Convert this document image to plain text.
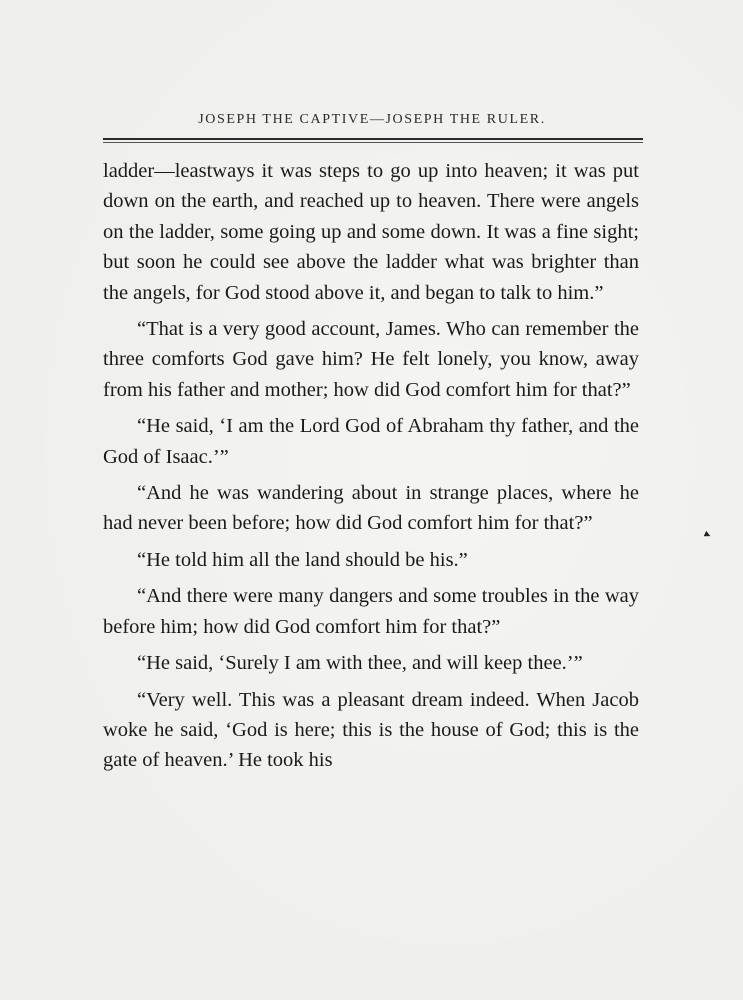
JOSEPH THE CAPTIVE—JOSEPH THE RULER.

ladder—leastways it was steps to go up into heaven; it was put down on the earth, and reached up to heaven. There were angels on the ladder, some going up and some down. It was a fine sight; but soon he could see above the ladder what was brighter than the angels, for God stood above it, and began to talk to him.”

“That is a very good account, James. Who can remember the three comforts God gave him? He felt lonely, you know, away from his father and mother; how did God comfort him for that?”

“He said, ‘I am the Lord God of Abraham thy father, and the God of Isaac.’”

“And he was wandering about in strange places, where he had never been before; how did God comfort him for that?”

“He told him all the land should be his.”

“And there were many dangers and some troubles in the way before him; how did God comfort him for that?”

“He said, ‘Surely I am with thee, and will keep thee.’”

“Very well. This was a pleasant dream indeed. When Jacob woke he said, ‘God is here; this is the house of God; this is the gate of heaven.’ He took his

▸
